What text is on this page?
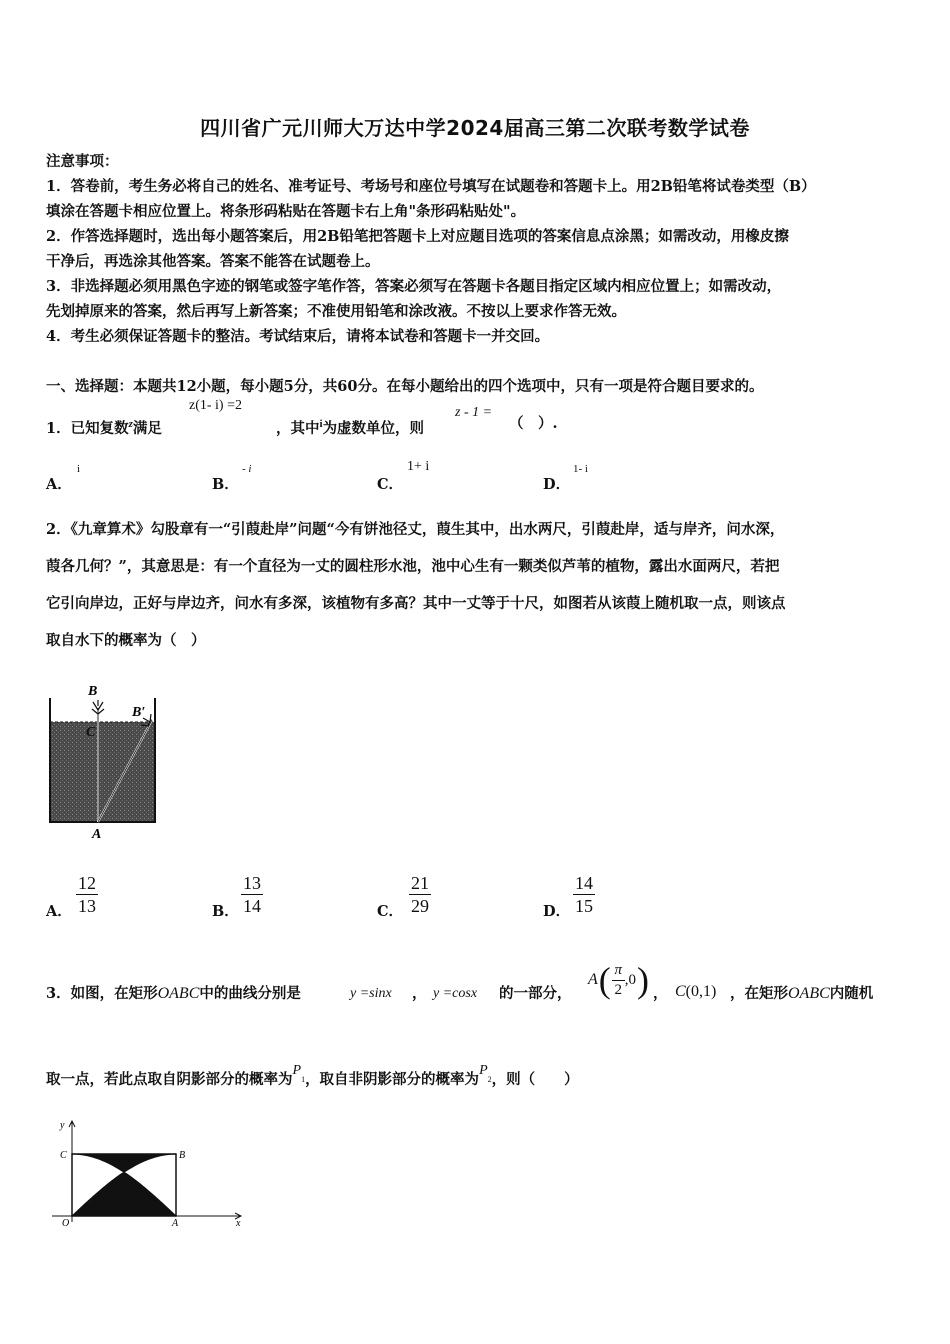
四川省广元川师大万达中学2024届高三第二次联考数学试卷
注意事项：
1．答卷前，考生务必将自己的姓名、准考证号、考场号和座位号填写在试题卷和答题卡上。用2B铅笔将试卷类型（B）
填涂在答题卡相应位置上。将条形码粘贴在答题卡右上角"条形码粘贴处"。
2．作答选择题时，选出每小题答案后，用2B铅笔把答题卡上对应题目选项的答案信息点涂黑；如需改动，用橡皮擦
干净后，再选涂其他答案。答案不能答在试题卷上。
3．非选择题必须用黑色字迹的钢笔或签字笔作答，答案必须写在答题卡各题目指定区域内相应位置上；如需改动，
先划掉原来的答案，然后再写上新答案；不准使用铅笔和涂改液。不按以上要求作答无效。
4．考生必须保证答题卡的整洁。考试结束后，请将本试卷和答题卡一并交回。
一、选择题：本题共12小题，每小题5分，共60分。在每小题给出的四个选项中，只有一项是符合题目要求的。
1．已知复数$^z$满足
z(1- i) =2
，其中$^i$为虚数单位，则
z - 1 =
（　）.
A．
i
B．
- i
C．
1+ i
D．
1- i
2．《九章算术》勾股章有一“引葭赴岸”问题“今有饼池径丈，葭生其中，出水两尺，引葭赴岸，适与岸齐，问水深，
葭各几何？”，其意思是：有一个直径为一丈的圆柱形水池，池中心生有一颗类似芦苇的植物，露出水面两尺，若把
它引向岸边，正好与岸边齐，问水有多深，该植物有多高？其中一丈等于十尺，如图若从该葭上随机取一点，则该点
取自水下的概率为（　）
B
B′
C
A
A．
12
13	B．
13
14	C．
21
29	D．
14
15
3．如图，在矩形OABC中的曲线分别是	y =sinx ， y =cosx 的一部分，
A ( $\frac{\pi}{2} ,0$ ) ， C(0,1) ，在矩形OABC内随机
取一点，若此点取自阴影部分的概率为$P_1$，取自非阴影部分的概率为$P_2$，则（　　）
y
C	B
O	A	x
